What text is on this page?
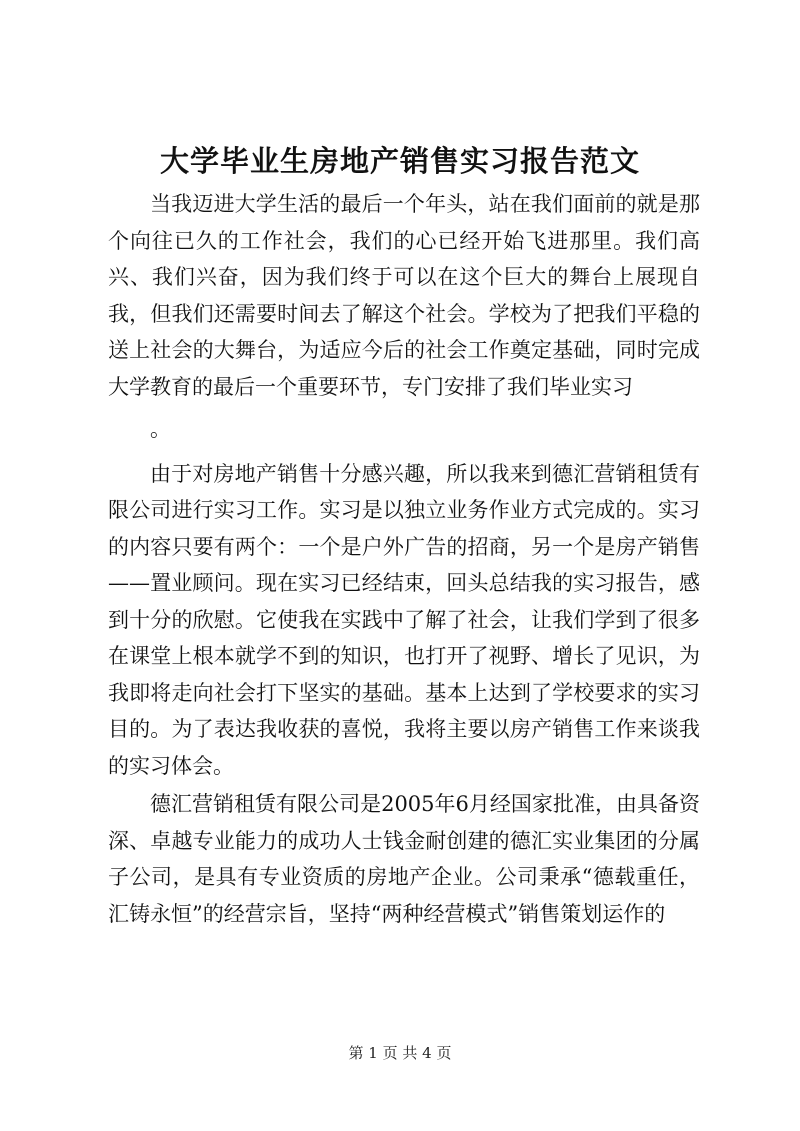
大学毕业生房地产销售实习报告范文

当我迈进大学生活的最后一个年头，站在我们面前的就是那个向往已久的工作社会，我们的心已经开始飞进那里。我们高兴、我们兴奋，因为我们终于可以在这个巨大的舞台上展现自我，但我们还需要时间去了解这个社会。学校为了把我们平稳的送上社会的大舞台，为适应今后的社会工作奠定基础，同时完成大学教育的最后一个重要环节，专门安排了我们毕业实习

。

由于对房地产销售十分感兴趣，所以我来到德汇营销租赁有限公司进行实习工作。实习是以独立业务作业方式完成的。实习的内容只要有两个：一个是户外广告的招商，另一个是房产销售——置业顾问。现在实习已经结束，回头总结我的实习报告，感到十分的欣慰。它使我在实践中了解了社会，让我们学到了很多在课堂上根本就学不到的知识，也打开了视野、增长了见识，为我即将走向社会打下坚实的基础。基本上达到了学校要求的实习目的。为了表达我收获的喜悦，我将主要以房产销售工作来谈我的实习体会。

德汇营销租赁有限公司是2005年6月经国家批准，由具备资深、卓越专业能力的成功人士钱金耐创建的德汇实业集团的分属子公司，是具有专业资质的房地产企业。公司秉承“德载重任，汇铸永恒”的经营宗旨，坚持“两种经营模式”销售策划运作的

第 1 页 共 4 页
